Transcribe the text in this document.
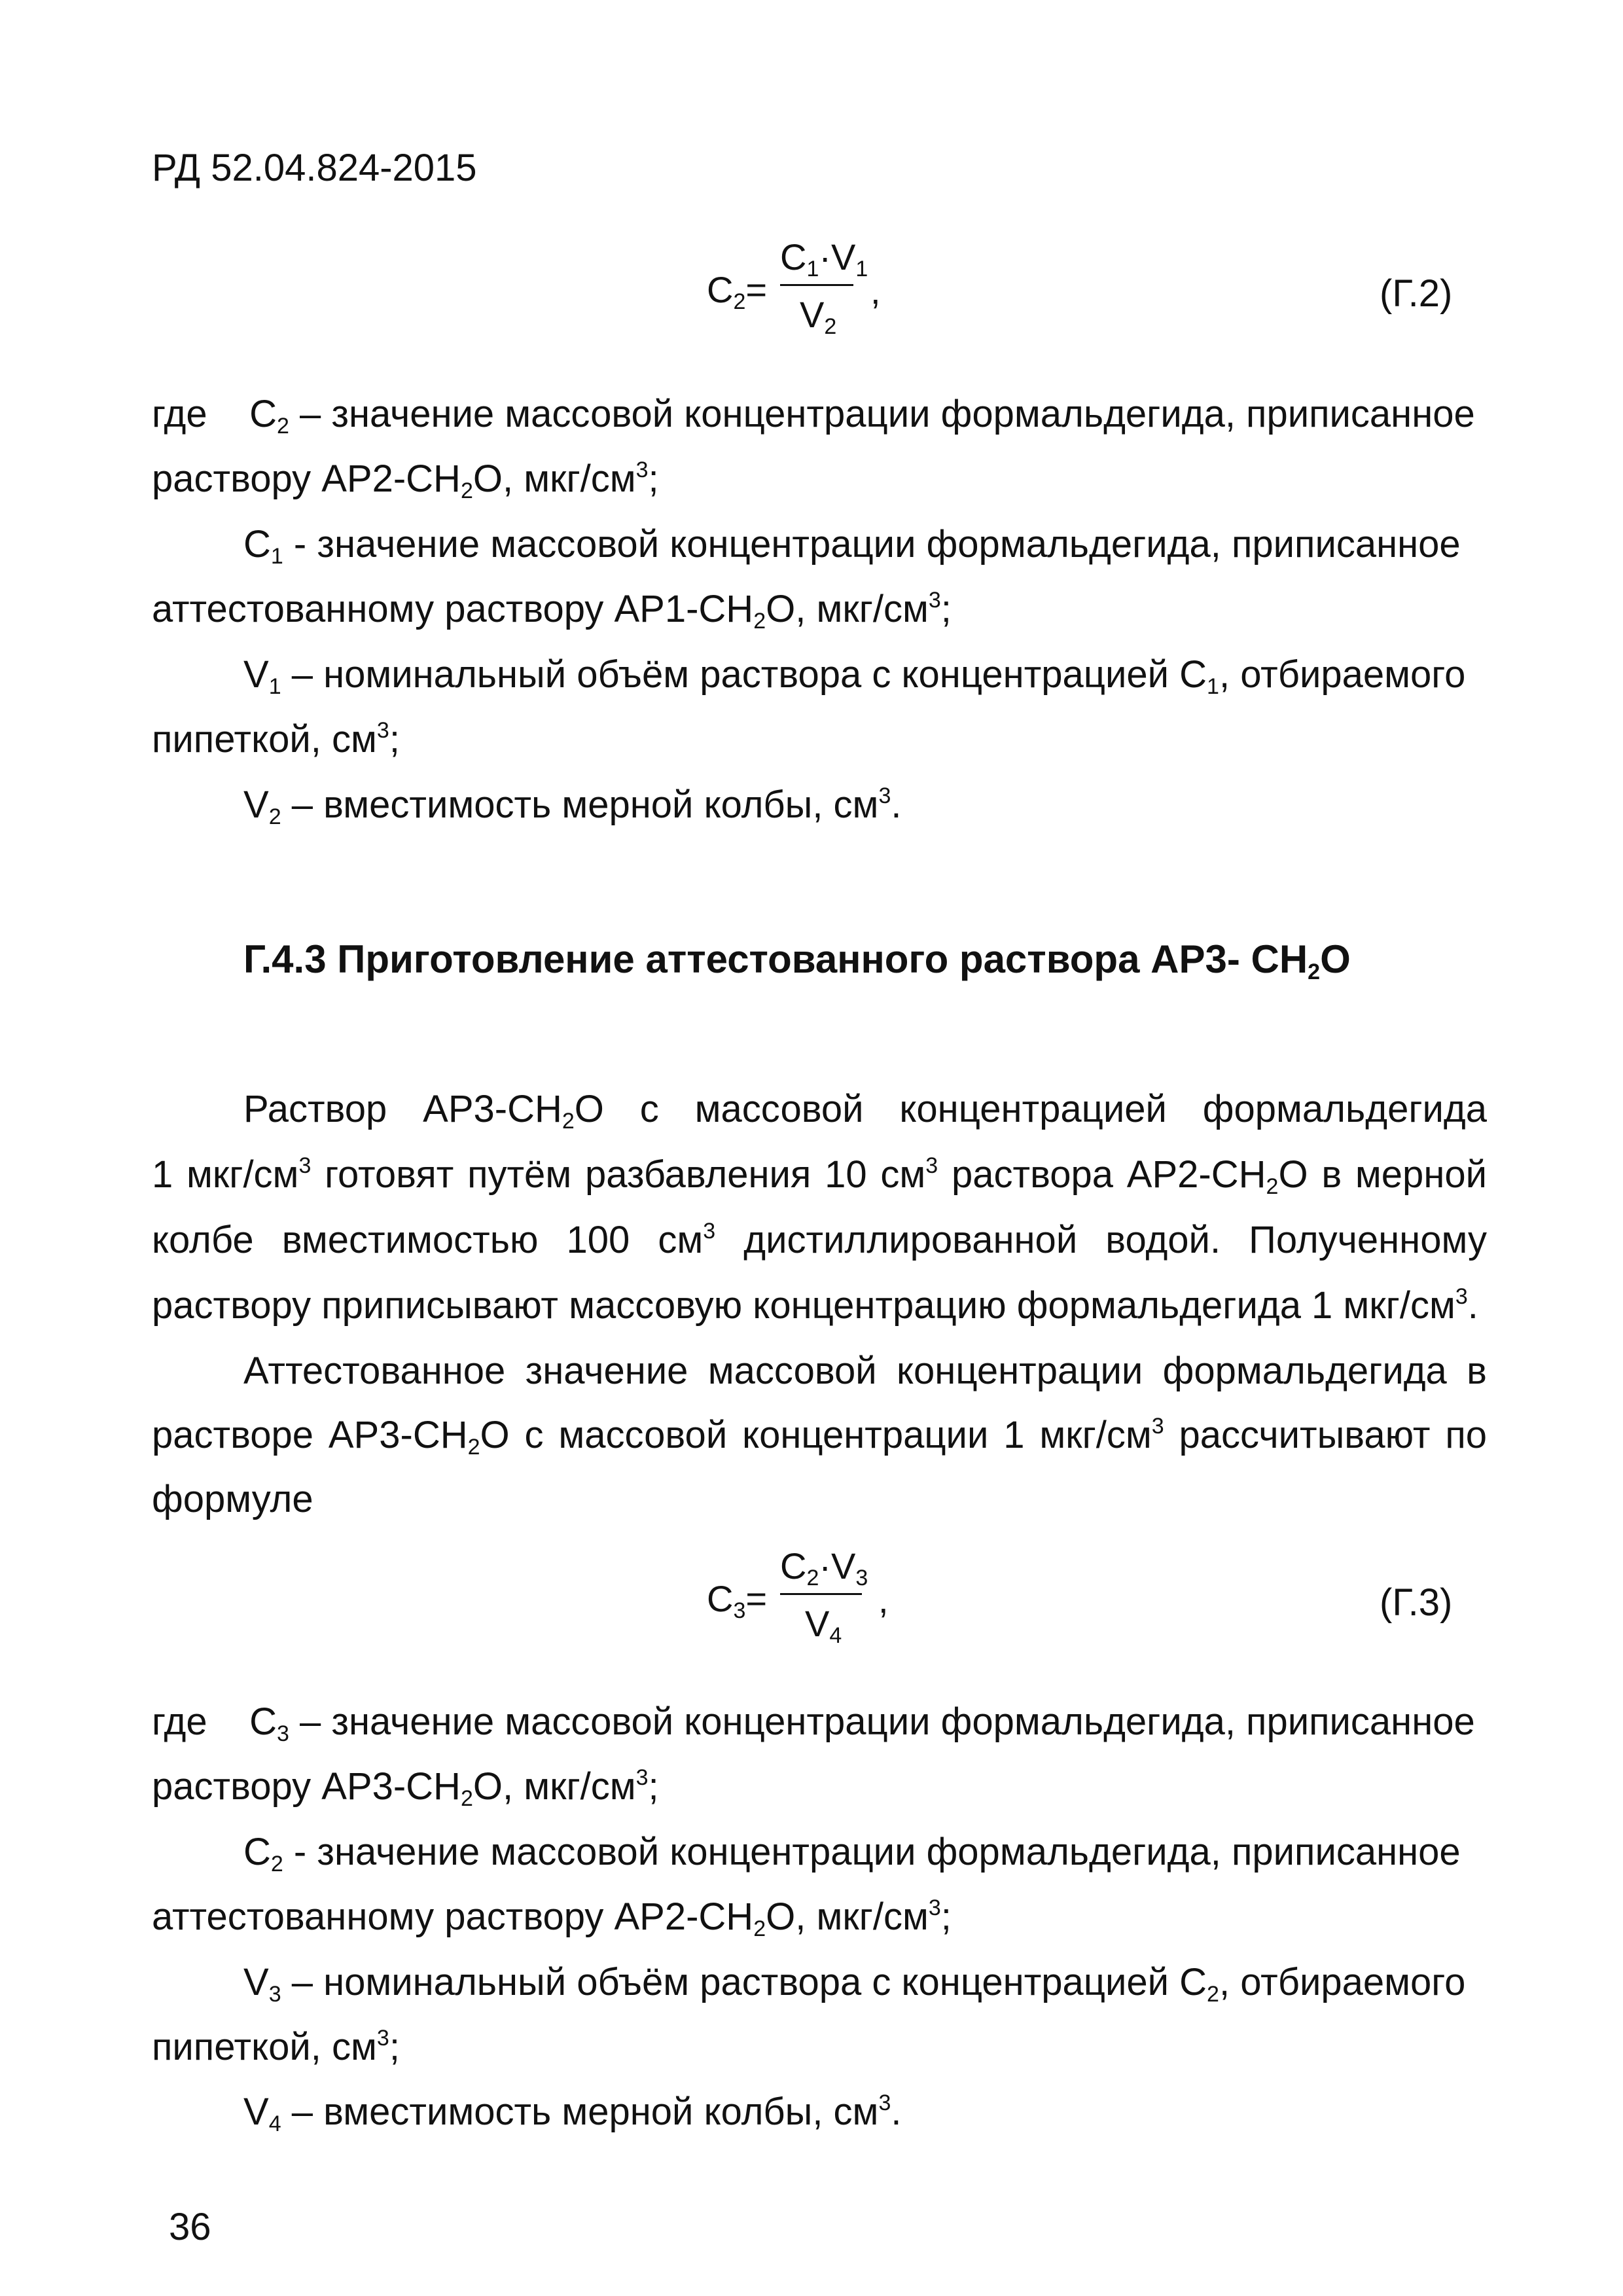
РД 52.04.824-2015
$C_2=$
$C_1\cdot V_1$
$V_2$
,	(Г.2)
где $C_2$ – значение массовой концентрации формальдегида, приписанное
раствору $АР2-СН_2О$, мкг/$см^3$;
$C_1$ - значение массовой концентрации формальдегида, приписанное
аттестованному раствору $АР1-СН_2О$, мкг/$см^3$;
$V_1$ – номинальный объём раствора с концентрацией $С_1$, отбираемого
пипеткой, $см^3$;
$V_2$ – вместимость мерной колбы, $см^3$.
Г.4.3 Приготовление аттестованного раствора АР3- $СН_2О$
Раствор $АР3-СН_2О$ с массовой концентрацией формальдегида
1 мкг/$см^3$ готовят путём разбавления 10 $см^3$ раствора $АР2-СН_2О$ в мерной
колбе вместимостью 100 $см^3$ дистиллированной водой. Полученному
раствору приписывают массовую концентрацию формальдегида 1 мкг/$см^3$.
Аттестованное значение массовой концентрации формальдегида в
растворе $АР3-СН_2О$ с массовой концентрации 1 мкг/$см^3$ рассчитывают по
формуле
$C_3=$
$C_2\cdot V_3$
$V_4$
,	(Г.3)
где $C_3$ – значение массовой концентрации формальдегида, приписанное
раствору $АР3-СН_2О$, мкг/$см^3$;
$C_2$ - значение массовой концентрации формальдегида, приписанное
аттестованному раствору $АР2-СН_2О$, мкг/$см^3$;
$V_3$ – номинальный объём раствора с концентрацией $С_2$, отбираемого
пипеткой, $см^3$;
$V_4$ – вместимость мерной колбы, $см^3$.
36
